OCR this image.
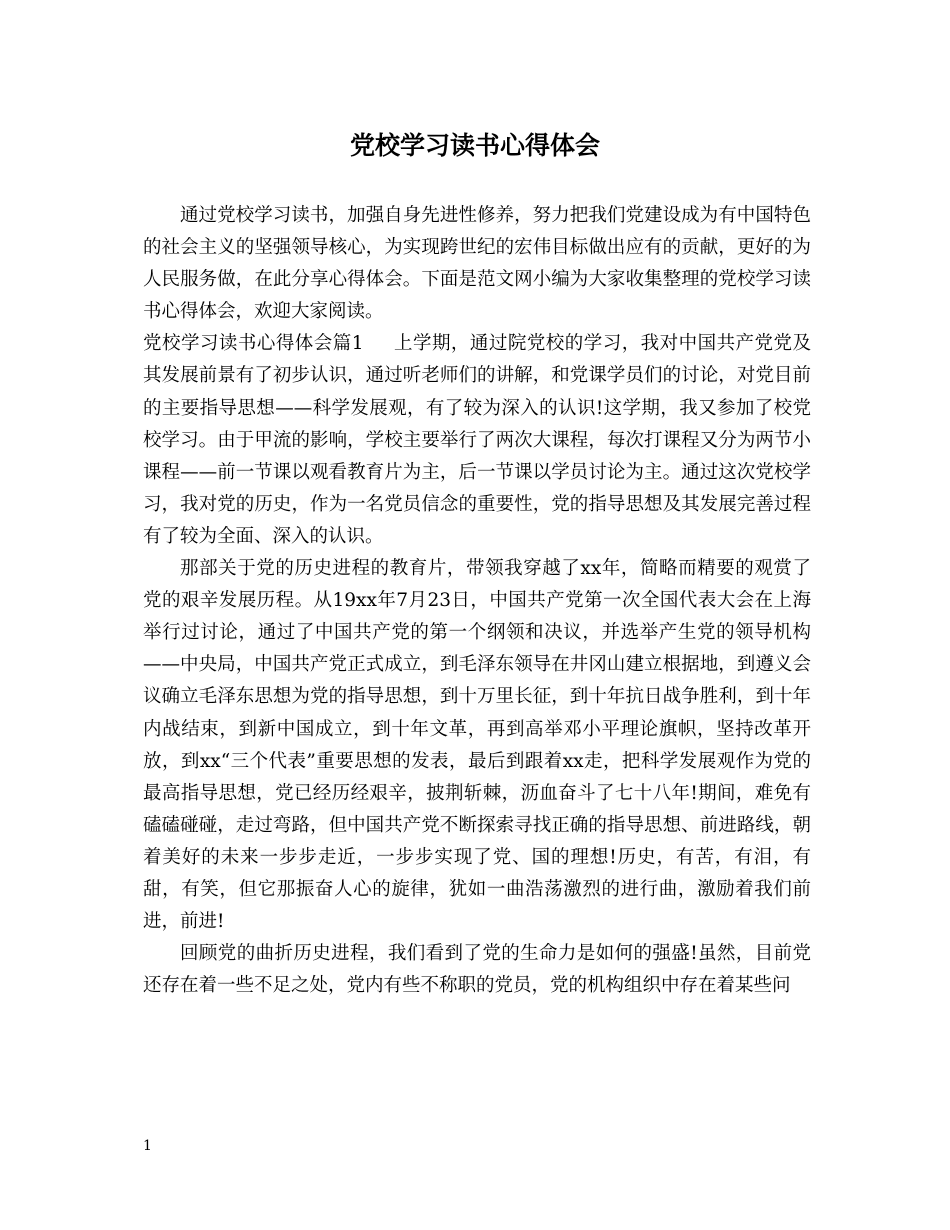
党校学习读书心得体会

通过党校学习读书，加强自身先进性修养，努力把我们党建设成为有中国特色的社会主义的坚强领导核心，为实现跨世纪的宏伟目标做出应有的贡献，更好的为人民服务做，在此分享心得体会。下面是范文网小编为大家收集整理的党校学习读书心得体会，欢迎大家阅读。

党校学习读书心得体会篇1 上学期，通过院党校的学习，我对中国共产党党及其发展前景有了初步认识，通过听老师们的讲解，和党课学员们的讨论，对党目前的主要指导思想——科学发展观，有了较为深入的认识!这学期，我又参加了校党校学习。由于甲流的影响，学校主要举行了两次大课程，每次打课程又分为两节小课程——前一节课以观看教育片为主，后一节课以学员讨论为主。通过这次党校学习，我对党的历史，作为一名党员信念的重要性，党的指导思想及其发展完善过程有了较为全面、深入的认识。

那部关于党的历史进程的教育片，带领我穿越了xx年，简略而精要的观赏了党的艰辛发展历程。从19xx年7月23日，中国共产党第一次全国代表大会在上海举行过讨论，通过了中国共产党的第一个纲领和决议，并选举产生党的领导机构——中央局，中国共产党正式成立，到毛泽东领导在井冈山建立根据地，到遵义会议确立毛泽东思想为党的指导思想，到十万里长征，到十年抗日战争胜利，到十年内战结束，到新中国成立，到十年文革，再到高举邓小平理论旗帜，坚持改革开放，到xx“三个代表”重要思想的发表，最后到跟着xx走，把科学发展观作为党的最高指导思想，党已经历经艰辛，披荆斩棘，沥血奋斗了七十八年!期间，难免有磕磕碰碰，走过弯路，但中国共产党不断探索寻找正确的指导思想、前进路线，朝着美好的未来一步步走近，一步步实现了党、国的理想!历史，有苦，有泪，有甜，有笑，但它那振奋人心的旋律，犹如一曲浩荡激烈的进行曲，激励着我们前进，前进!

回顾党的曲折历史进程，我们看到了党的生命力是如何的强盛!虽然，目前党还存在着一些不足之处，党内有些不称职的党员，党的机构组织中存在着某些问

1
